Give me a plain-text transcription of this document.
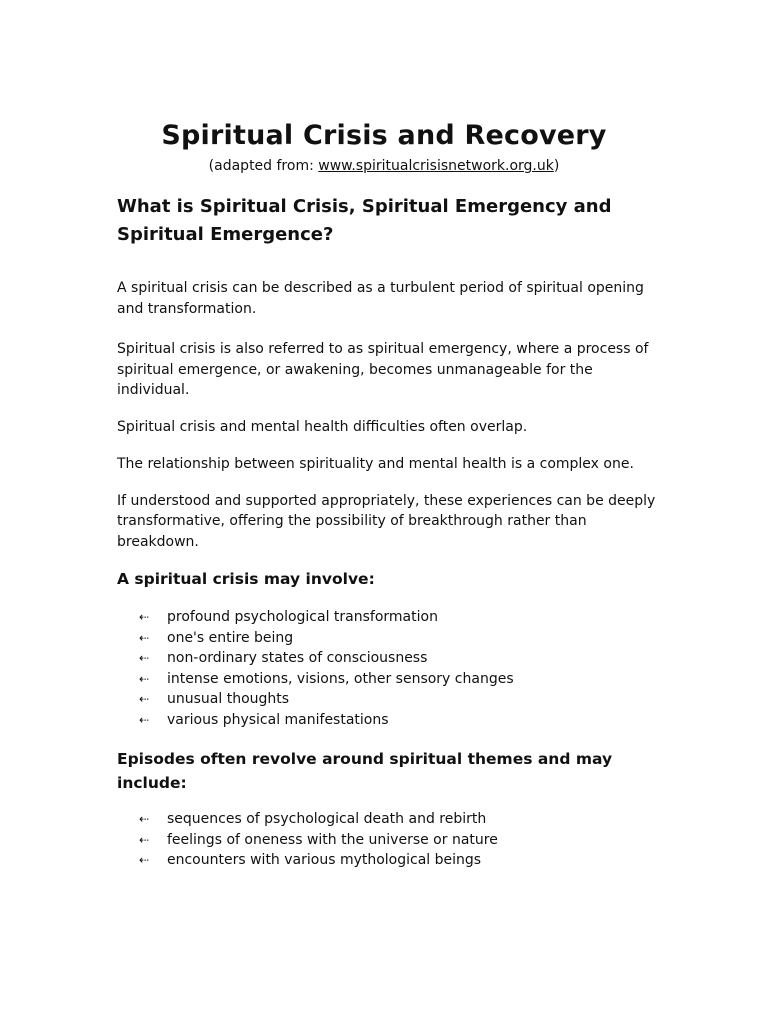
Spiritual Crisis and Recovery

(adapted from: www.spiritualcrisisnetwork.org.uk)

What is Spiritual Crisis, Spiritual Emergency and Spiritual Emergence?

A spiritual crisis can be described as a turbulent period of spiritual opening and transformation.

Spiritual crisis is also referred to as spiritual emergency, where a process of spiritual emergence, or awakening, becomes unmanageable for the individual.

Spiritual crisis and mental health difficulties often overlap.

The relationship between spirituality and mental health is a complex one.

If understood and supported appropriately, these experiences can be deeply transformative, offering the possibility of breakthrough rather than breakdown.

A spiritual crisis may involve:
⇠ profound psychological transformation
⇠ one's entire being
⇠ non-ordinary states of consciousness
⇠ intense emotions, visions, other sensory changes
⇠ unusual thoughts
⇠ various physical manifestations
Episodes often revolve around spiritual themes and may include:
⇠ sequences of psychological death and rebirth
⇠ feelings of oneness with the universe or nature
⇠ encounters with various mythological beings
